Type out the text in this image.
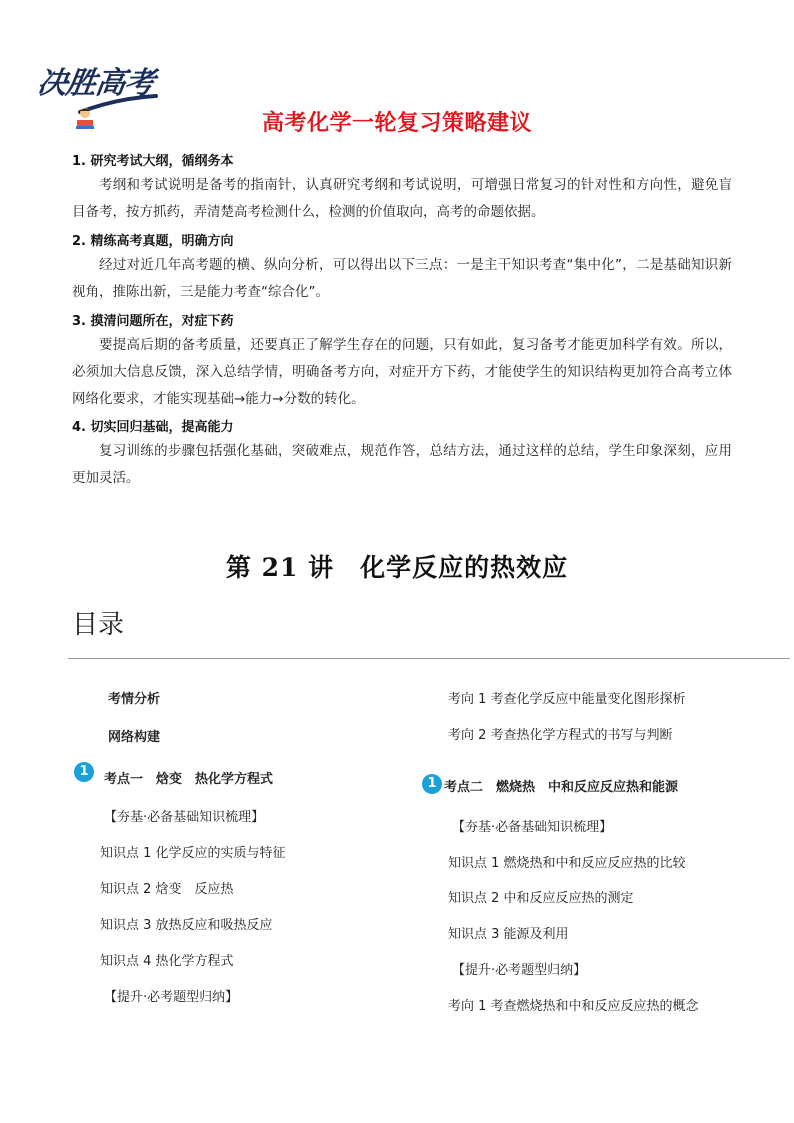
决胜高考
高考化学一轮复习策略建议
1. 研究考试大纲，循纲务本
考纲和考试说明是备考的指南针，认真研究考纲和考试说明，可增强日常复习的针对性和方向性，避免盲目备考，按方抓药，弄清楚高考检测什么，检测的价值取向，高考的命题依据。
2. 精练高考真题，明确方向
经过对近几年高考题的横、纵向分析，可以得出以下三点：一是主干知识考查“集中化”，二是基础知识新视角，推陈出新，三是能力考查“综合化”。
3. 摸清问题所在，对症下药
要提高后期的备考质量，还要真正了解学生存在的问题，只有如此，复习备考才能更加科学有效。所以，必须加大信息反馈，深入总结学情，明确备考方向，对症开方下药，才能使学生的知识结构更加符合高考立体网络化要求，才能实现基础→能力→分数的转化。
4. 切实回归基础，提高能力
复习训练的步骤包括强化基础，突破难点，规范作答，总结方法，通过这样的总结，学生印象深刻，应用更加灵活。
第 21 讲　化学反应的热效应
目录
考情分析
网络构建
1
考点一　焓变　热化学方程式
【夯基·必备基础知识梳理】
知识点 1 化学反应的实质与特征
知识点 2 焓变　反应热
知识点 3 放热反应和吸热反应
知识点 4 热化学方程式
【提升·必考题型归纳】
考向 1 考查化学反应中能量变化图形探析
考向 2 考查热化学方程式的书写与判断
1 考点二　燃烧热　中和反应反应热和能源
【夯基·必备基础知识梳理】
知识点 1 燃烧热和中和反应反应热的比较
知识点 2 中和反应反应热的测定
知识点 3 能源及利用
【提升·必考题型归纳】
考向 1 考查燃烧热和中和反应反应热的概念
